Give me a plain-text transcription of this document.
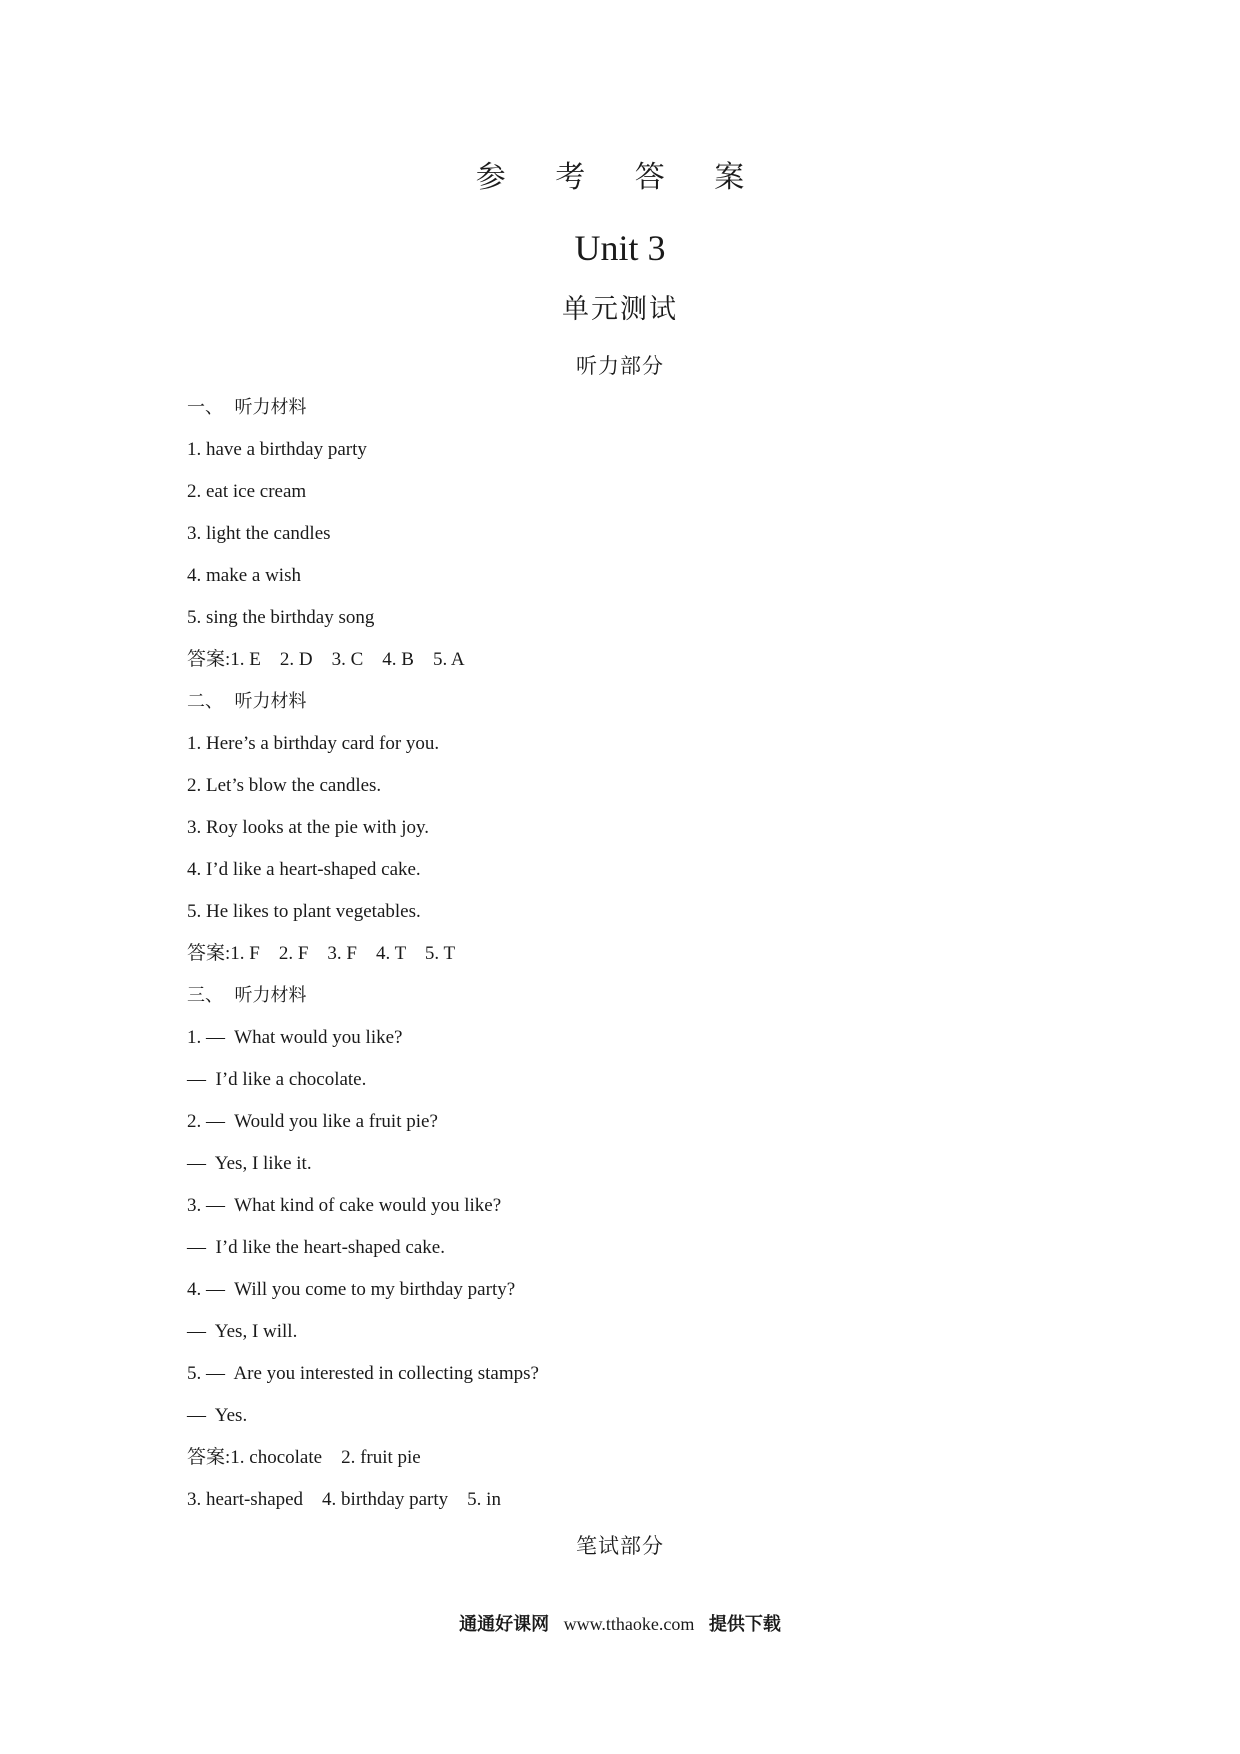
参 考 答 案
Unit 3
单元测试
听力部分
一、  听力材料
1. have a birthday party
2. eat ice cream
3. light the candles
4. make a wish
5. sing the birthday song
答案:1. E    2. D    3. C    4. B    5. A
二、  听力材料
1. Here’s a birthday card for you.
2. Let’s blow the candles.
3. Roy looks at the pie with joy.
4. I’d like a heart-shaped cake.
5. He likes to plant vegetables.
答案:1. F    2. F    3. F    4. T    5. T
三、  听力材料
1. —  What would you like?
—  I’d like a chocolate.
2. —  Would you like a fruit pie?
—  Yes, I like it.
3. —  What kind of cake would you like?
—  I’d like the heart-shaped cake.
4. —  Will you come to my birthday party?
—  Yes, I will.
5. —  Are you interested in collecting stamps?
—  Yes.
答案:1. chocolate    2. fruit pie
3. heart-shaped    4. birthday party    5. in
笔试部分
通通好课网 www.tthaoke.com 提供下载
